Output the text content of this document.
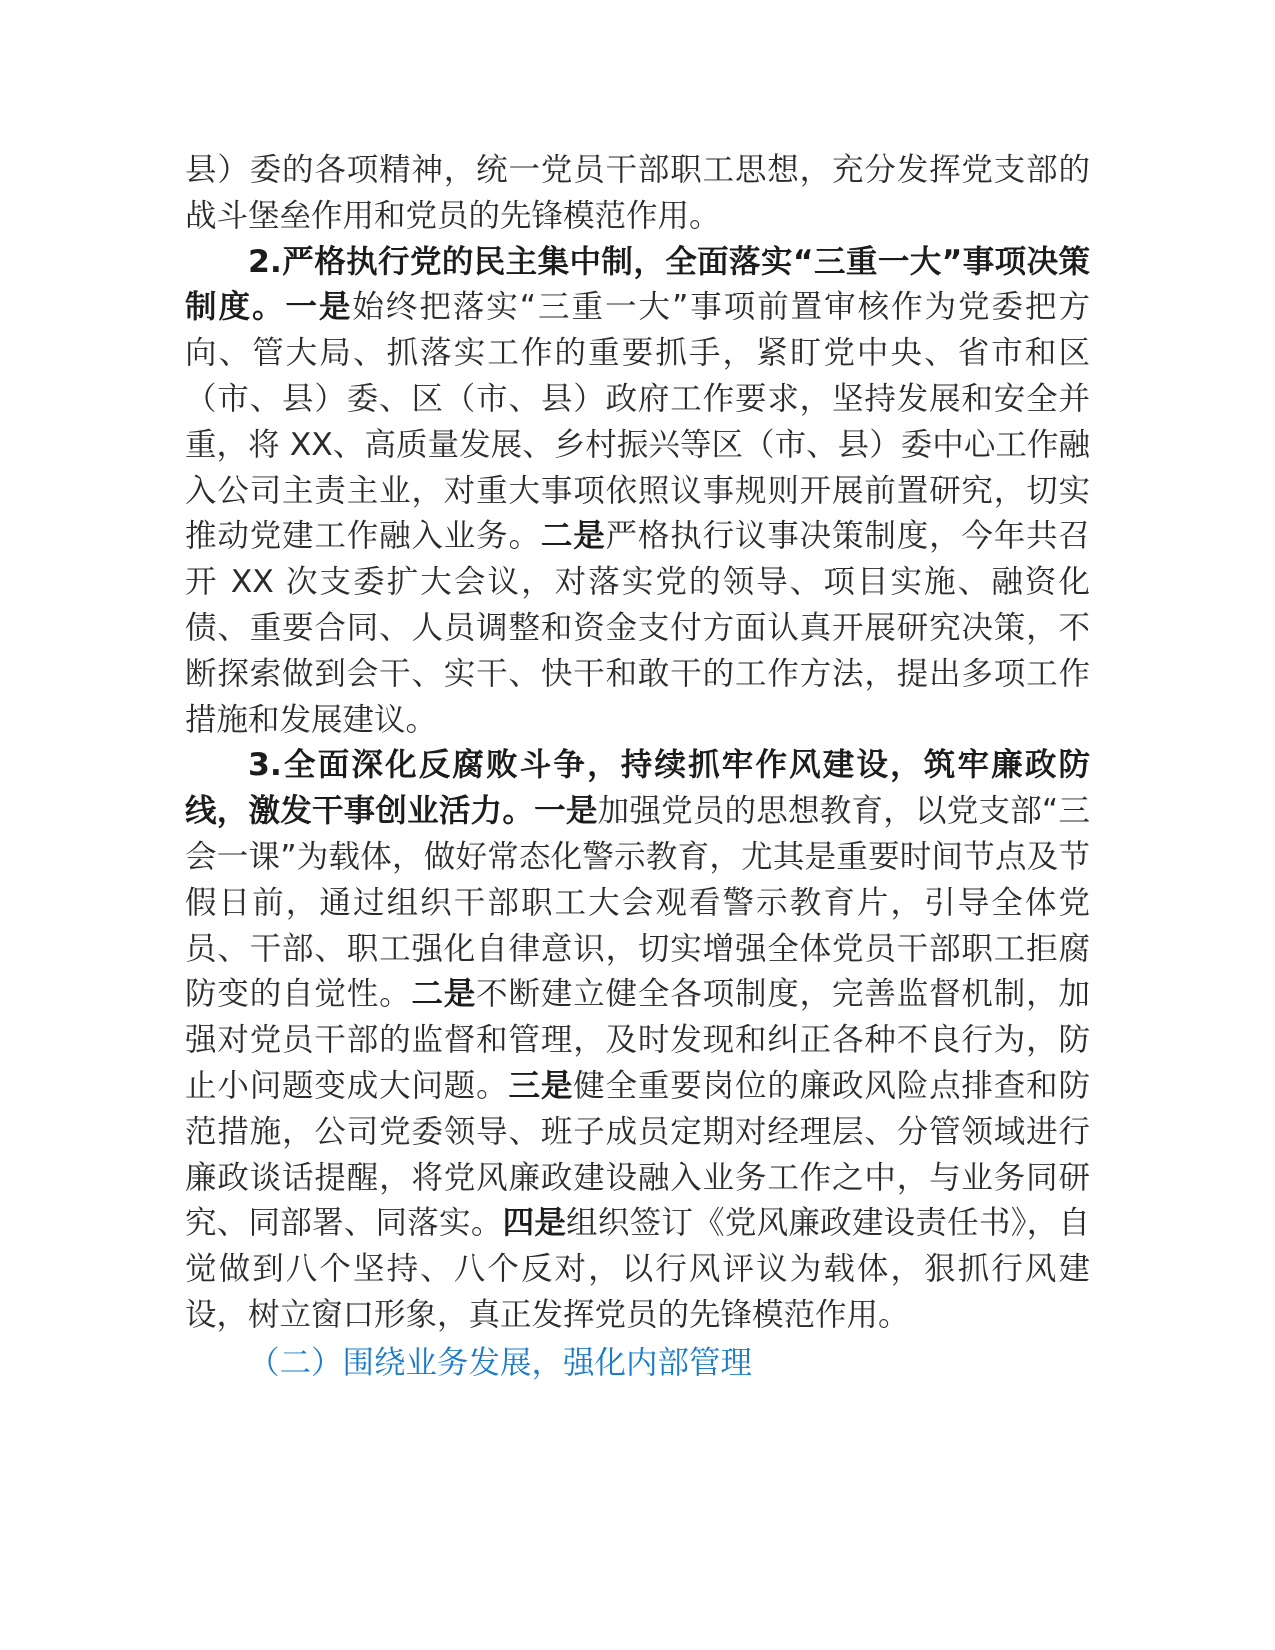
县）委的各项精神，统一党员干部职工思想，充分发挥党支部的战斗堡垒作用和党员的先锋模范作用。

2.严格执行党的民主集中制，全面落实“三重一大”事项决策制度。一是始终把落实“三重一大”事项前置审核作为党委把方向、管大局、抓落实工作的重要抓手，紧盯党中央、省市和区（市、县）委、区（市、县）政府工作要求，坚持发展和安全并重，将 XX、高质量发展、乡村振兴等区（市、县）委中心工作融入公司主责主业，对重大事项依照议事规则开展前置研究，切实推动党建工作融入业务。二是严格执行议事决策制度，今年共召开 XX 次支委扩大会议，对落实党的领导、项目实施、融资化债、重要合同、人员调整和资金支付方面认真开展研究决策，不断探索做到会干、实干、快干和敢干的工作方法，提出多项工作措施和发展建议。

3.全面深化反腐败斗争，持续抓牢作风建设，筑牢廉政防线，激发干事创业活力。一是加强党员的思想教育，以党支部“三会一课”为载体，做好常态化警示教育，尤其是重要时间节点及节假日前，通过组织干部职工大会观看警示教育片，引导全体党员、干部、职工强化自律意识，切实增强全体党员干部职工拒腐防变的自觉性。二是不断建立健全各项制度，完善监督机制，加强对党员干部的监督和管理，及时发现和纠正各种不良行为，防止小问题变成大问题。三是健全重要岗位的廉政风险点排查和防范措施，公司党委领导、班子成员定期对经理层、分管领域进行廉政谈话提醒，将党风廉政建设融入业务工作之中，与业务同研究、同部署、同落实。四是组织签订《党风廉政建设责任书》，自觉做到八个坚持、八个反对，以行风评议为载体，狠抓行风建设，树立窗口形象，真正发挥党员的先锋模范作用。

（二）围绕业务发展，强化内部管理
